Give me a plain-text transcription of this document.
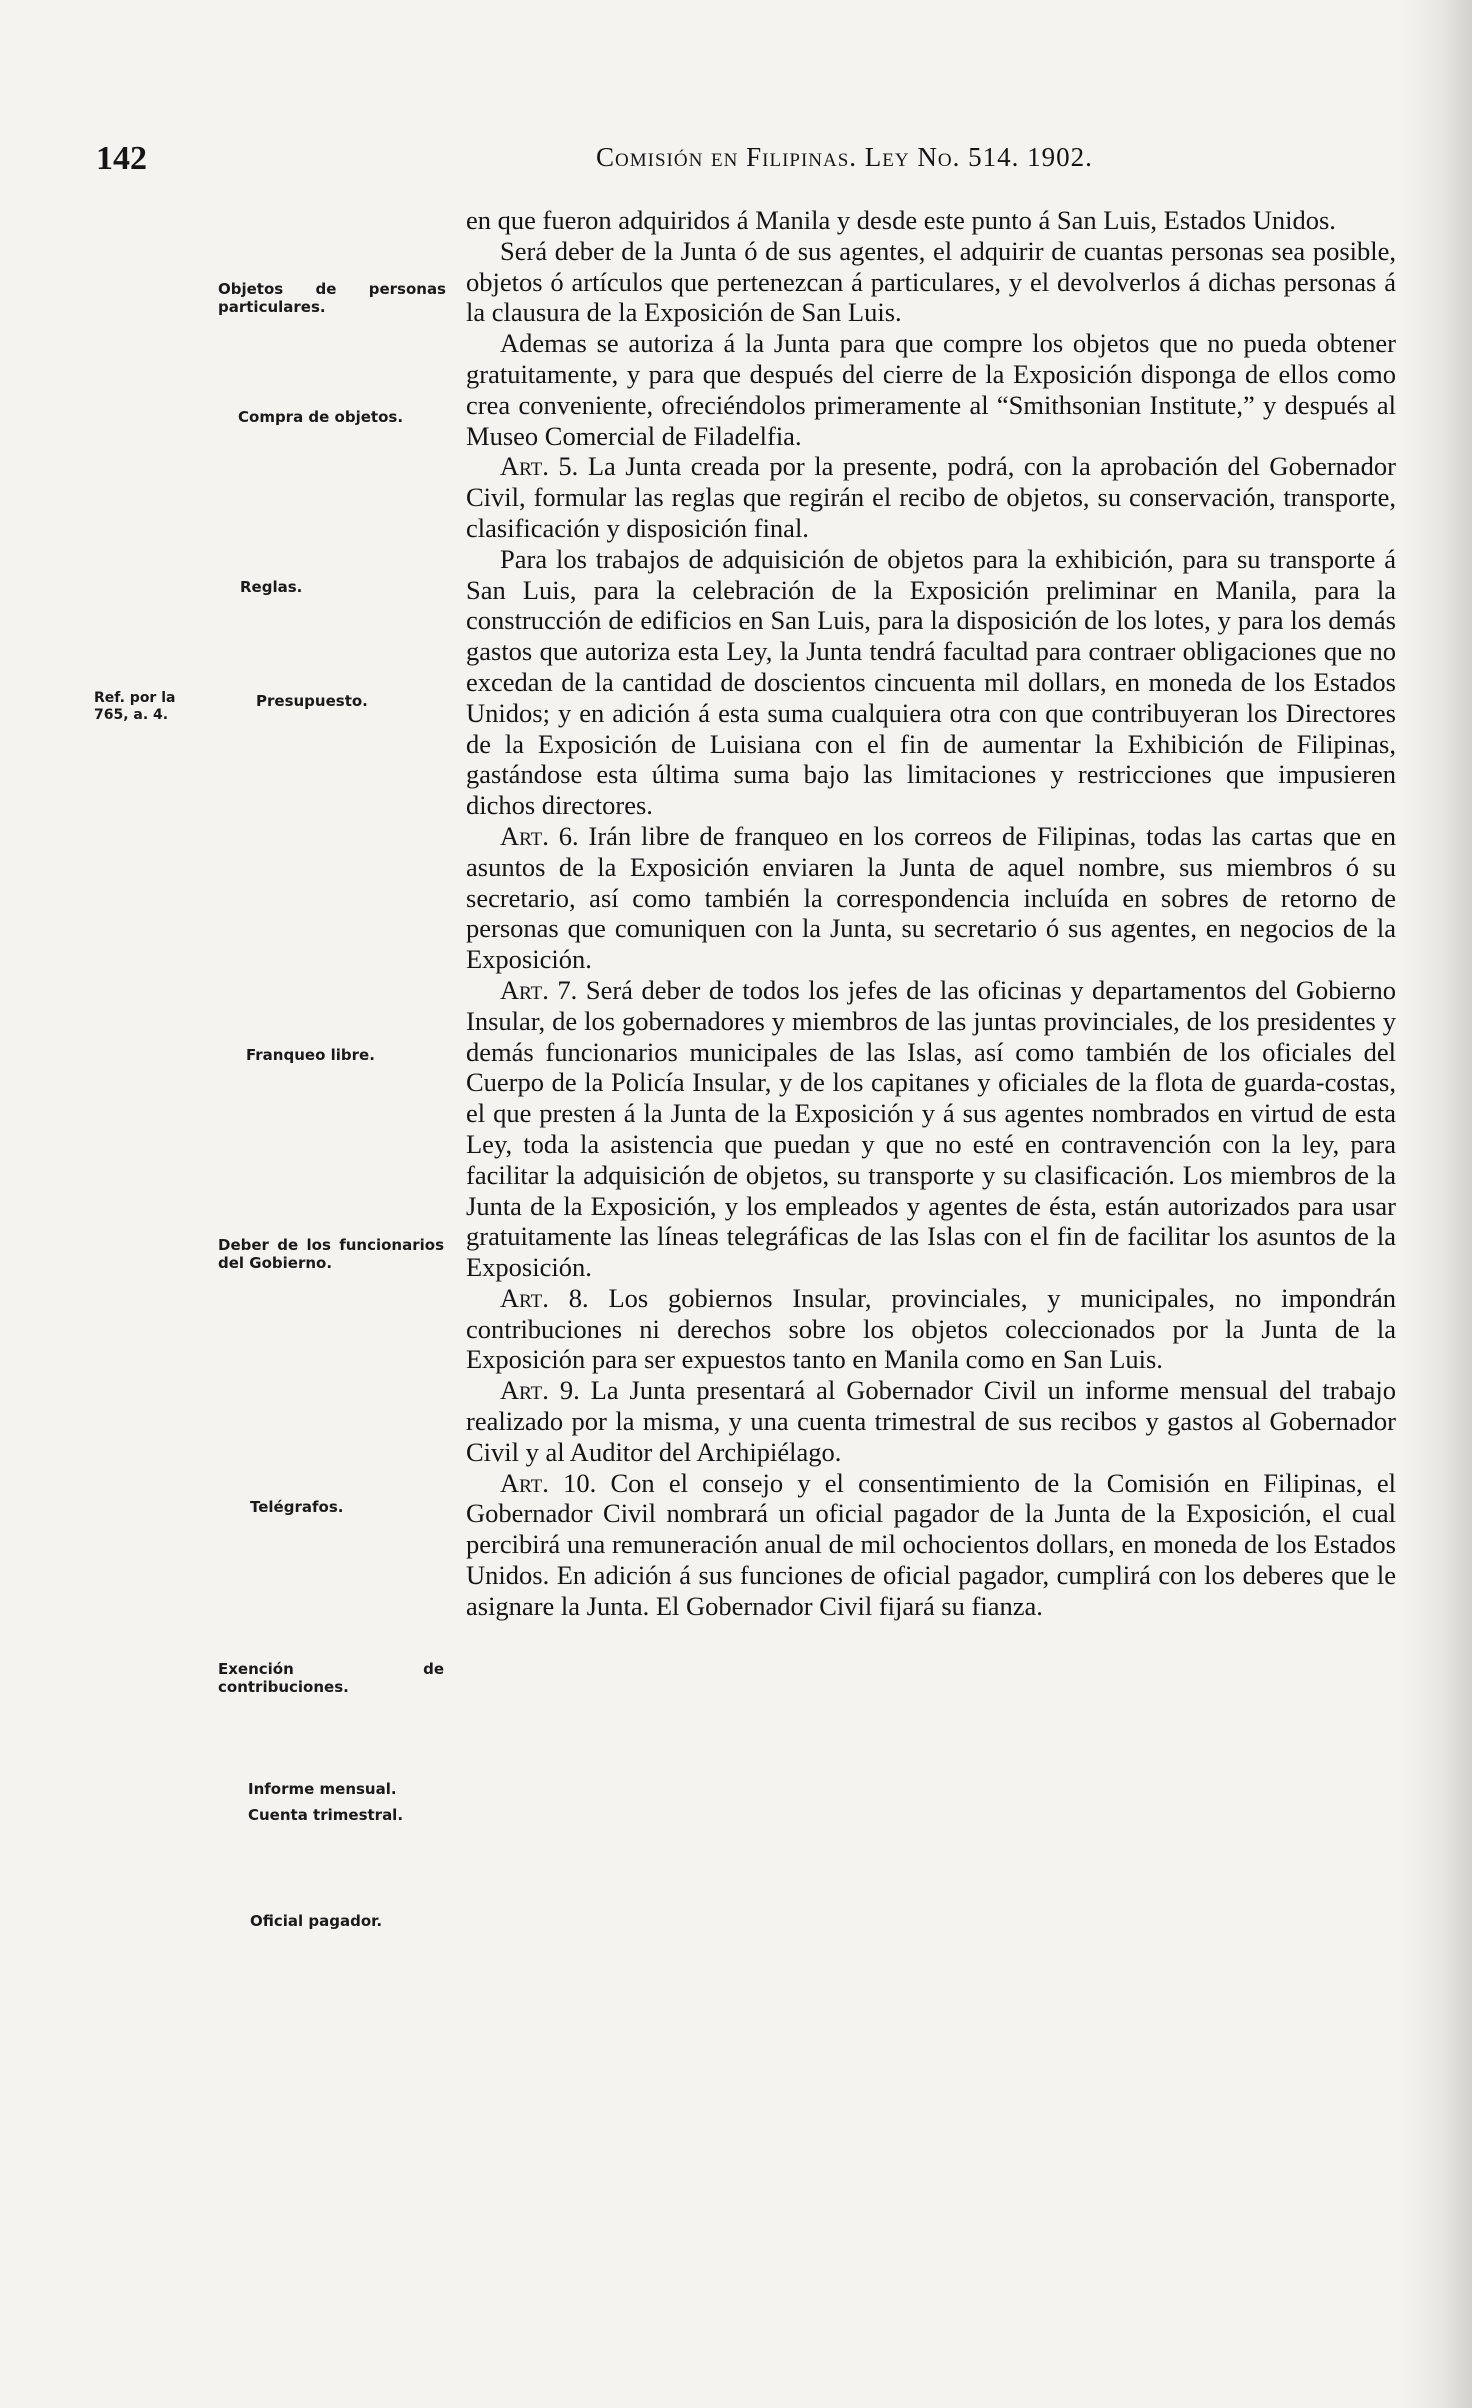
142	Comisión en Filipinas. Ley No. 514. 1902.
Ref. por la 765, a. 4.
Objetos de personas particulares.
Compra de objetos.
Reglas.
Presupuesto.
Franqueo libre.
Deber de los funcionarios del Gobierno.
Telégrafos.
Exención de contribuciones.
Informe mensual.
Cuenta trimestral.
Oficial pagador.

en que fueron adquiridos á Manila y desde este punto á San Luis, Estados Unidos.

Será deber de la Junta ó de sus agentes, el adquirir de cuantas personas sea posible, objetos ó artículos que pertenezcan á particulares, y el devolverlos á dichas personas á la clausura de la Exposición de San Luis.

Ademas se autoriza á la Junta para que compre los objetos que no pueda obtener gratuitamente, y para que después del cierre de la Exposición disponga de ellos como crea conveniente, ofreciéndolos primeramente al “Smithsonian Institute,” y después al Museo Comercial de Filadelfia.

Art. 5. La Junta creada por la presente, podrá, con la aprobación del Gobernador Civil, formular las reglas que regirán el recibo de objetos, su conservación, transporte, clasificación y disposición final.

Para los trabajos de adquisición de objetos para la exhibición, para su transporte á San Luis, para la celebración de la Exposición preliminar en Manila, para la construcción de edificios en San Luis, para la disposición de los lotes, y para los demás gastos que autoriza esta Ley, la Junta tendrá facultad para contraer obligaciones que no excedan de la cantidad de doscientos cincuenta mil dollars, en moneda de los Estados Unidos; y en adición á esta suma cualquiera otra con que contribuyeran los Directores de la Exposición de Luisiana con el fin de aumentar la Exhibición de Filipinas, gastándose esta última suma bajo las limitaciones y restricciones que impusieren dichos directores.

Art. 6. Irán libre de franqueo en los correos de Filipinas, todas las cartas que en asuntos de la Exposición enviaren la Junta de aquel nombre, sus miembros ó su secretario, así como también la correspondencia incluída en sobres de retorno de personas que comuniquen con la Junta, su secretario ó sus agentes, en negocios de la Exposición.

Art. 7. Será deber de todos los jefes de las oficinas y departamentos del Gobierno Insular, de los gobernadores y miembros de las juntas provinciales, de los presidentes y demás funcionarios municipales de las Islas, así como también de los oficiales del Cuerpo de la Policía Insular, y de los capitanes y oficiales de la flota de guarda-costas, el que presten á la Junta de la Exposición y á sus agentes nombrados en virtud de esta Ley, toda la asistencia que puedan y que no esté en contravención con la ley, para facilitar la adquisición de objetos, su transporte y su clasificación. Los miembros de la Junta de la Exposición, y los empleados y agentes de ésta, están autorizados para usar gratuitamente las líneas telegráficas de las Islas con el fin de facilitar los asuntos de la Exposición.

Art. 8. Los gobiernos Insular, provinciales, y municipales, no impondrán contribuciones ni derechos sobre los objetos coleccionados por la Junta de la Exposición para ser expuestos tanto en Manila como en San Luis.

Art. 9. La Junta presentará al Gobernador Civil un informe mensual del trabajo realizado por la misma, y una cuenta trimestral de sus recibos y gastos al Gobernador Civil y al Auditor del Archipiélago.

Art. 10. Con el consejo y el consentimiento de la Comisión en Filipinas, el Gobernador Civil nombrará un oficial pagador de la Junta de la Exposición, el cual percibirá una remuneración anual de mil ochocientos dollars, en moneda de los Estados Unidos. En adición á sus funciones de oficial pagador, cumplirá con los deberes que le asignare la Junta. El Gobernador Civil fijará su fianza.
